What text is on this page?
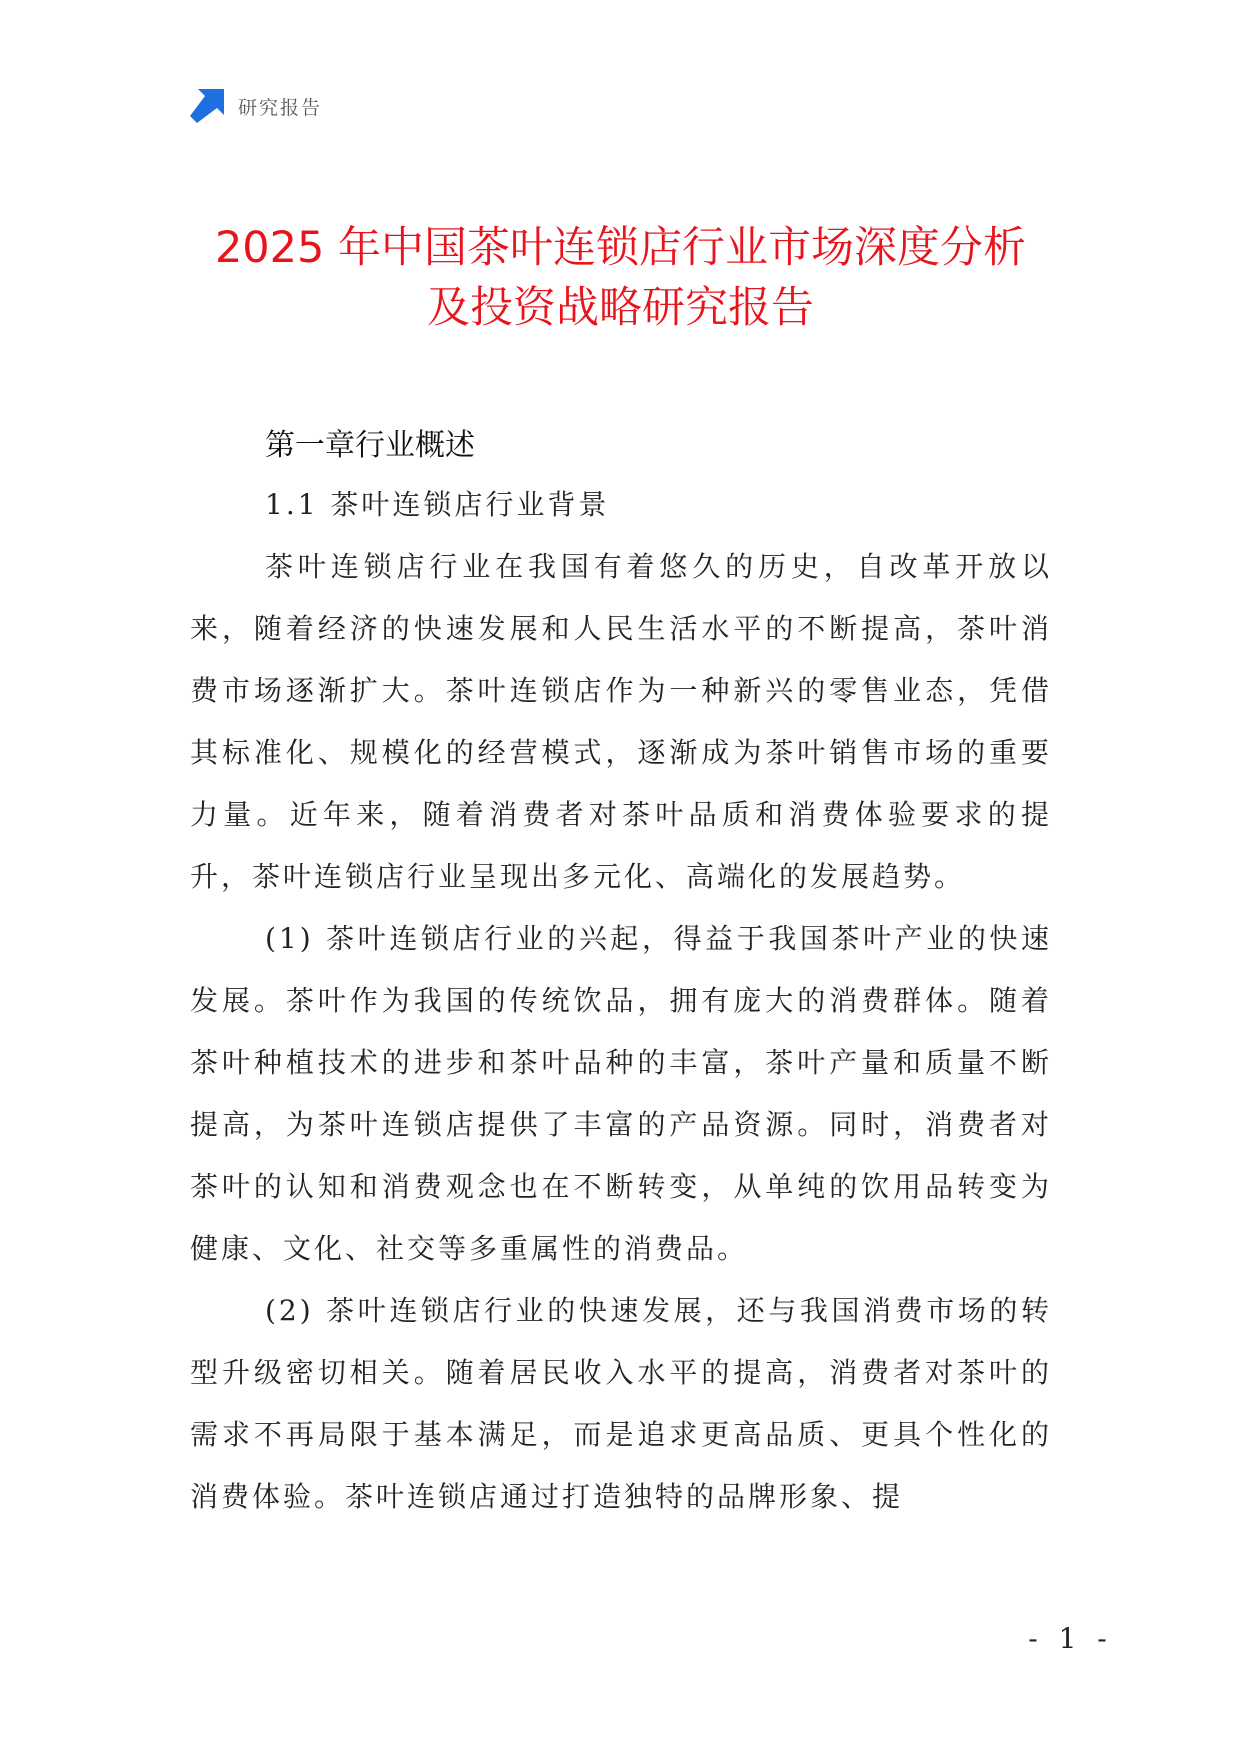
研究报告
2025 年中国茶叶连锁店行业市场深度分析
及投资战略研究报告
第一章行业概述
1.1 茶叶连锁店行业背景

茶叶连锁店行业在我国有着悠久的历史，自改革开放以来，随着经济的快速发展和人民生活水平的不断提高，茶叶消费市场逐渐扩大。茶叶连锁店作为一种新兴的零售业态，凭借其标准化、规模化的经营模式，逐渐成为茶叶销售市场的重要力量。近年来，随着消费者对茶叶品质和消费体验要求的提升，茶叶连锁店行业呈现出多元化、高端化的发展趋势。

(1) 茶叶连锁店行业的兴起，得益于我国茶叶产业的快速发展。茶叶作为我国的传统饮品，拥有庞大的消费群体。随着茶叶种植技术的进步和茶叶品种的丰富，茶叶产量和质量不断提高，为茶叶连锁店提供了丰富的产品资源。同时，消费者对茶叶的认知和消费观念也在不断转变，从单纯的饮用品转变为健康、文化、社交等多重属性的消费品。

(2) 茶叶连锁店行业的快速发展，还与我国消费市场的转型升级密切相关。随着居民收入水平的提高，消费者对茶叶的需求不再局限于基本满足，而是追求更高品质、更具个性化的消费体验。茶叶连锁店通过打造独特的品牌形象、提

- 1 -
